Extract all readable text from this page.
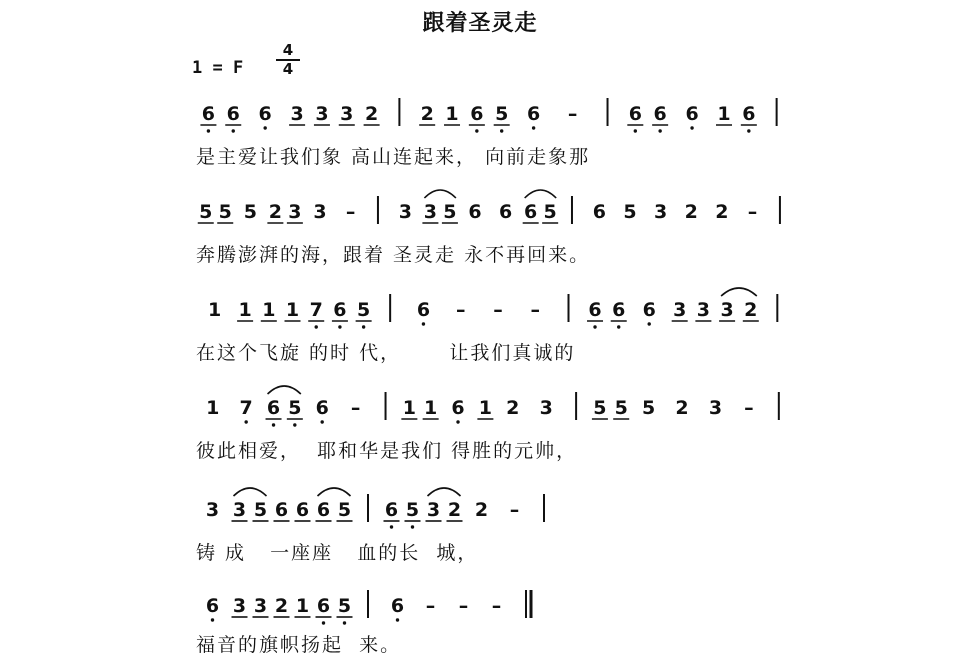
跟着圣灵走
1 = F
4
4
6 6 6 3 3 3 2 2 1 6 5 6 –	6 6 6 1 6
5 5 5 2 3 3 – 3 3 5 6 6 6 5 6 5 3 2 2 –
1 1 1 1 7 6 5 6 – – –	6 6 6 3 3 3 2
1 7 6 5 6 – 1 1 6 1 2 3 5 5 5 2 3 –
3 3 5 6 6 6 5 6 5 3 2 2 –
6 3 3 2 1 6 5 6 – – –
是主爱让我们象 高山连起来， 向前走象那
奔腾澎湃的海，跟着 圣灵走 永不再回来。
在这个飞旋 的时 代，      让我们真诚的
彼此相爱，  耶和华是我们 得胜的元帅，
铸 成   一座座   血的长  城，
福音的旗帜扬起  来。
